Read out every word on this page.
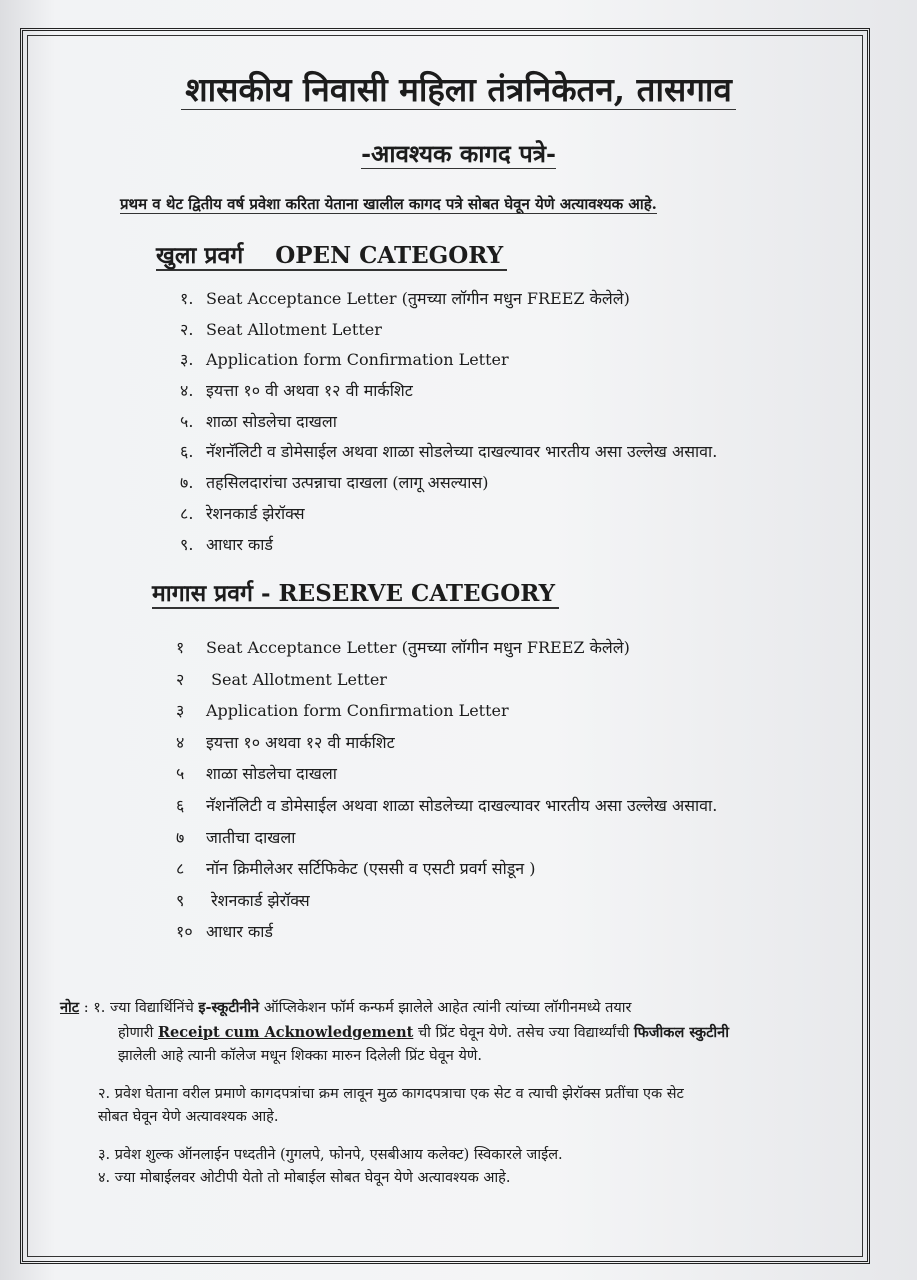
शासकीय निवासी महिला तंत्रनिकेतन, तासगाव
-आवश्यक कागद पत्रे-
प्रथम व थेट द्वितीय वर्ष प्रवेशा करिता येताना खालील कागद पत्रे सोबत घेवून येणे अत्यावश्यक आहे.
खुला प्रवर्ग OPEN CATEGORY
१. Seat Acceptance Letter (तुमच्या लॉगीन मधुन FREEZ केलेले)
२. Seat Allotment Letter
३. Application form Confirmation Letter
४. इयत्ता १० वी अथवा १२ वी मार्कशिट
५. शाळा सोडलेचा दाखला
६. नॅशनॅलिटी व डोमेसाईल अथवा शाळा सोडलेच्या दाखल्यावर भारतीय असा उल्लेख असावा.
७. तहसिलदारांचा उत्पन्नाचा दाखला (लागू असल्यास)
८. रेशनकार्ड झेरॉक्स
९. आधार कार्ड
मागास प्रवर्ग - RESERVE CATEGORY
१ Seat Acceptance Letter (तुमच्या लॉगीन मधुन FREEZ केलेले)
२ Seat Allotment Letter
३ Application form Confirmation Letter
४ इयत्ता १० अथवा १२ वी मार्कशिट
५ शाळा सोडलेचा दाखला
६ नॅशनॅलिटी व डोमेसाईल अथवा शाळा सोडलेच्या दाखल्यावर भारतीय असा उल्लेख असावा.
७ जातीचा दाखला
८ नॉन क्रिमीलेअर सर्टिफिकेट (एससी व एसटी प्रवर्ग सोडून )
९ रेशनकार्ड झेरॉक्स
१० आधार कार्ड
नोट : १. ज्या विद्यार्थिनिंचे इ-स्कूटीनीने ऑप्लिकेशन फॉर्म कन्फर्म झालेले आहेत त्यांनी त्यांच्या लॉगीनमध्ये तयार
होणारी Receipt cum Acknowledgement ची प्रिंट घेवून येणे. तसेच ज्या विद्यार्थ्यांची फिजीकल स्कुटीनी
झालेली आहे त्यानी कॉलेज मधून शिक्का मारुन दिलेली प्रिंट घेवून येणे.
२. प्रवेश घेताना वरील प्रमाणे कागदपत्रांचा क्रम लावून मुळ कागदपत्राचा एक सेट व त्याची झेरॉक्स प्रतींचा एक सेट
सोबत घेवून येणे अत्यावश्यक आहे.
३. प्रवेश शुल्क ऑनलाईन पध्दतीने (गुगलपे, फोनपे, एसबीआय कलेक्ट) स्विकारले जाईल.
४. ज्या मोबाईलवर ओटीपी येतो तो मोबाईल सोबत घेवून येणे अत्यावश्यक आहे.
